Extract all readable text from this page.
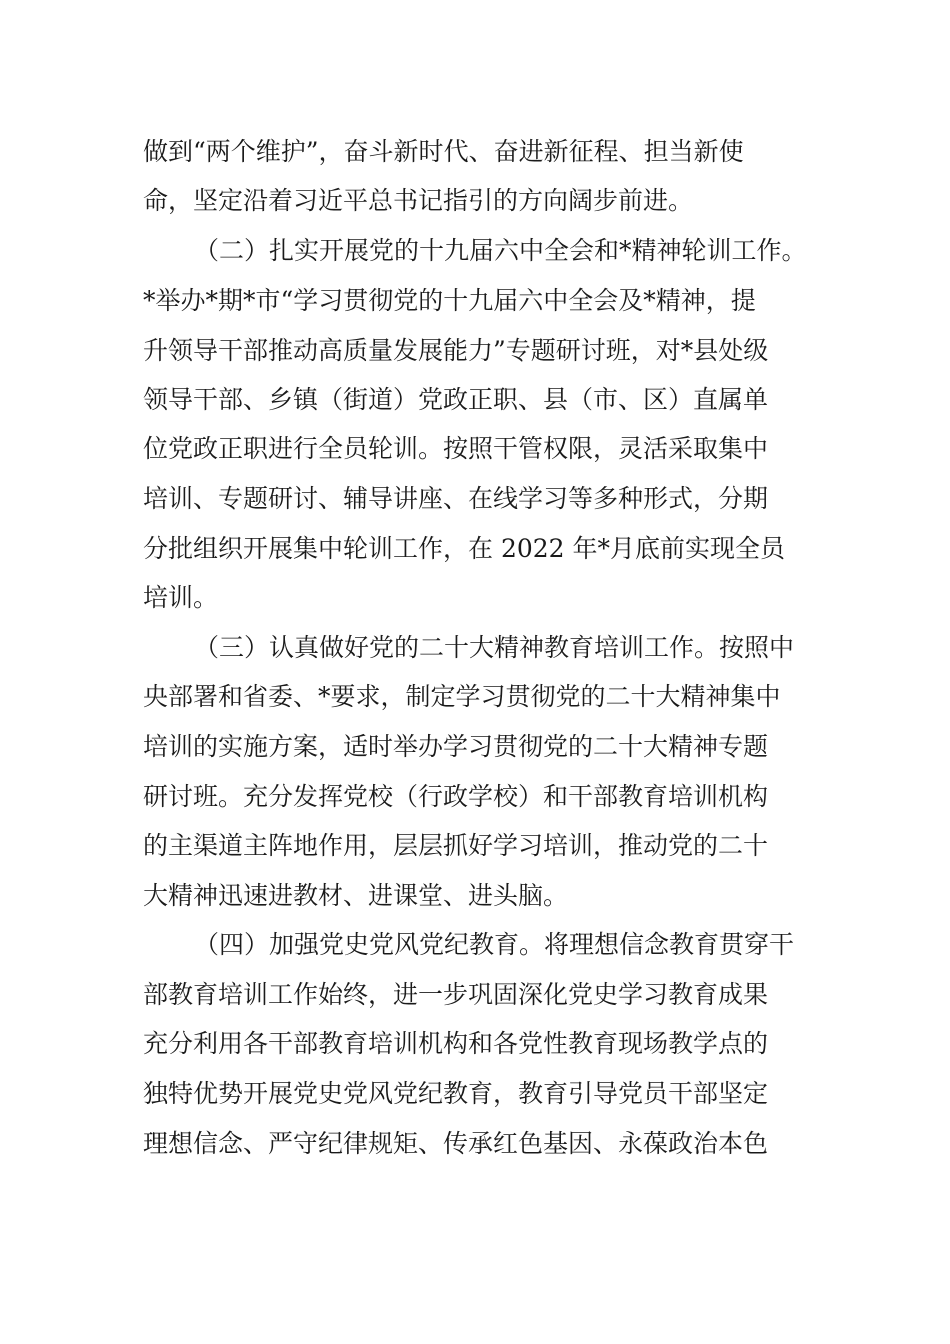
做到“两个维护”，奋斗新时代、奋进新征程、担当新使
命，坚定沿着习近平总书记指引的方向阔步前进。
（二）扎实开展党的十九届六中全会和*精神轮训工作。
*举办*期*市“学习贯彻党的十九届六中全会及*精神，提
升领导干部推动高质量发展能力”专题研讨班，对*县处级
领导干部、乡镇（街道）党政正职、县（市、区）直属单
位党政正职进行全员轮训。按照干管权限，灵活采取集中
培训、专题研讨、辅导讲座、在线学习等多种形式，分期
分批组织开展集中轮训工作，在 2022 年*月底前实现全员
培训。
（三）认真做好党的二十大精神教育培训工作。按照中
央部署和省委、*要求，制定学习贯彻党的二十大精神集中
培训的实施方案，适时举办学习贯彻党的二十大精神专题
研讨班。充分发挥党校（行政学校）和干部教育培训机构
的主渠道主阵地作用，层层抓好学习培训，推动党的二十
大精神迅速进教材、进课堂、进头脑。
（四）加强党史党风党纪教育。将理想信念教育贯穿干
部教育培训工作始终，进一步巩固深化党史学习教育成果
充分利用各干部教育培训机构和各党性教育现场教学点的
独特优势开展党史党风党纪教育，教育引导党员干部坚定
理想信念、严守纪律规矩、传承红色基因、永葆政治本色
